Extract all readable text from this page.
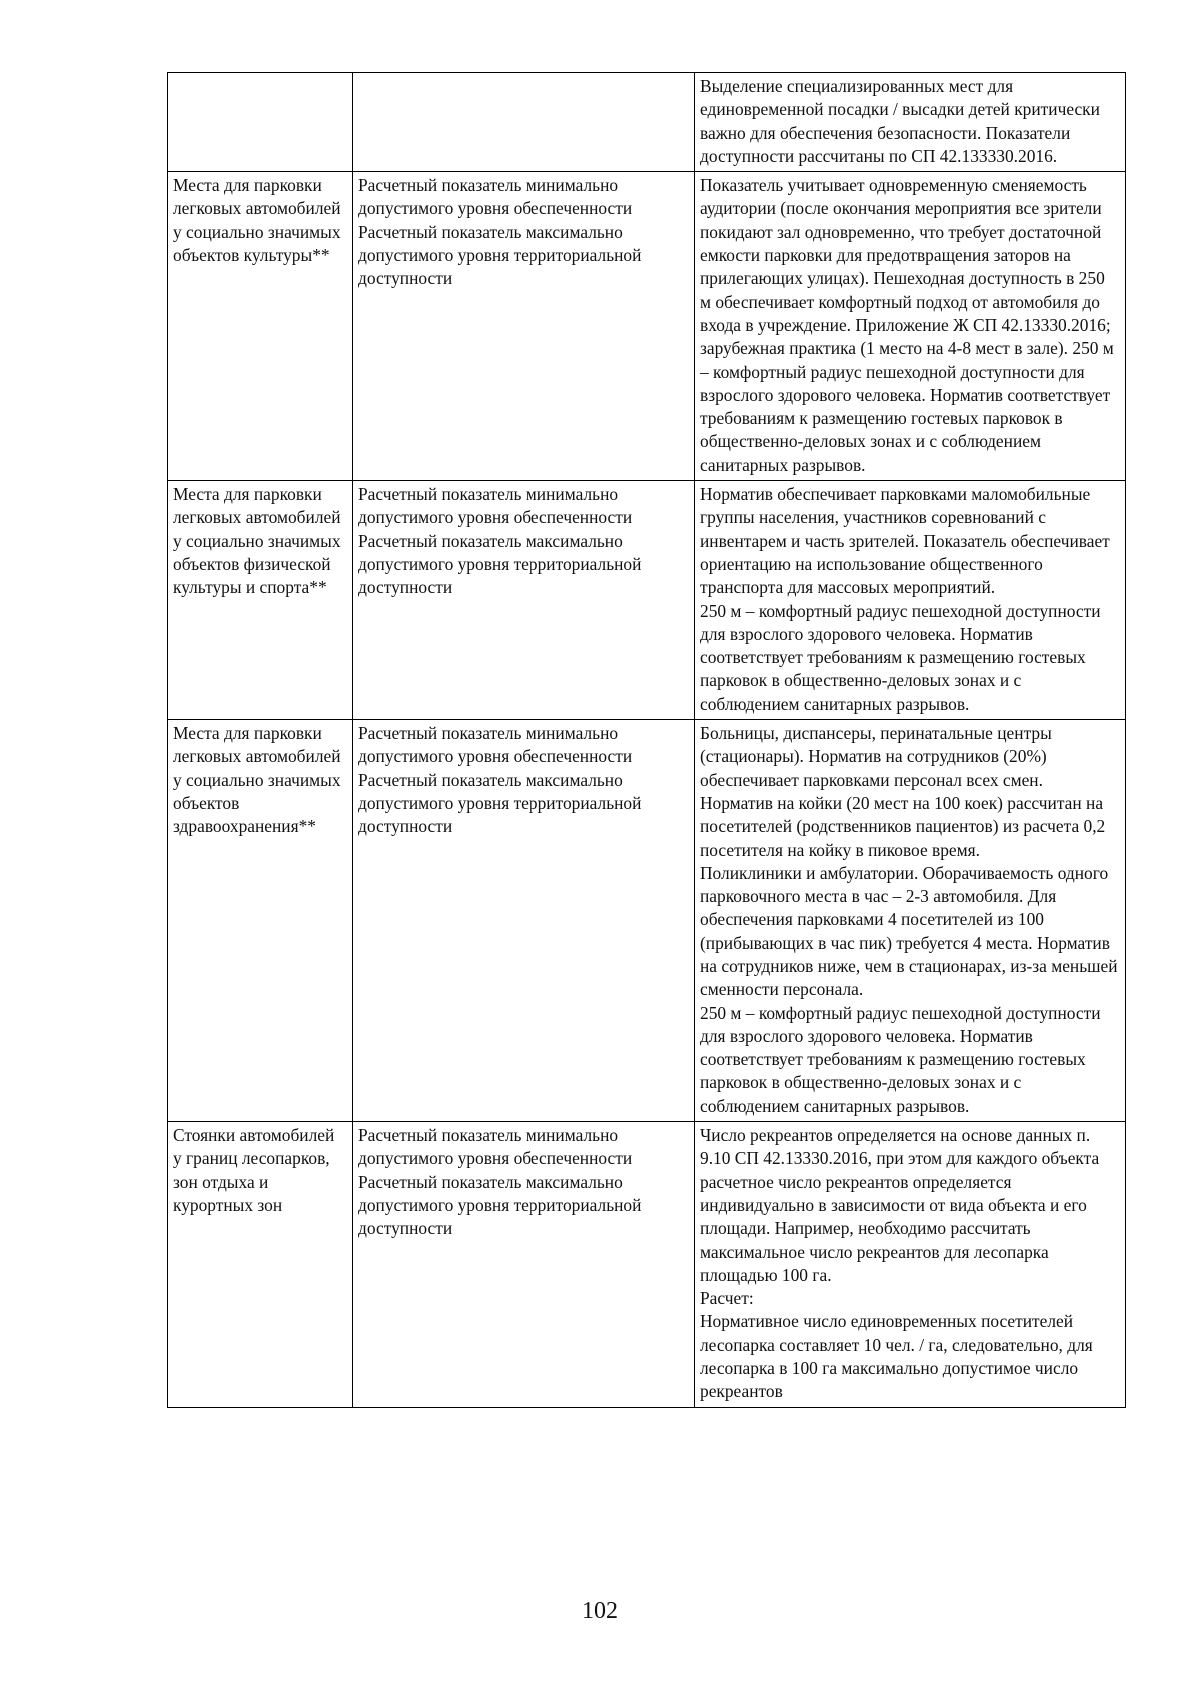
		Выделение специализированных мест для единовременной посадки / высадки детей критически важно для обеспечения безопасности. Показатели доступности рассчитаны по СП 42.133330.2016.

Места для парковки легковых автомобилей у социально значимых объектов культуры**	Расчетный показатель минимально допустимого уровня обеспеченности Расчетный показатель максимально допустимого уровня территориальной доступности	Показатель учитывает одновременную сменяемость аудитории (после окончания мероприятия все зрители покидают зал одновременно, что требует достаточной емкости парковки для предотвращения заторов на прилегающих улицах). Пешеходная доступность в 250 м обеспечивает комфортный подход от автомобиля до входа в учреждение. Приложение Ж СП 42.13330.2016; зарубежная практика (1 место на 4-8 мест в зале). 250 м – комфортный радиус пешеходной доступности для взрослого здорового человека. Норматив соответствует требованиям к размещению гостевых парковок в общественно-деловых зонах и с соблюдением санитарных разрывов.

Места для парковки легковых автомобилей у социально значимых объектов физической культуры и спорта**	Расчетный показатель минимально допустимого уровня обеспеченности Расчетный показатель максимально допустимого уровня территориальной доступности	Норматив обеспечивает парковками маломобильные группы населения, участников соревнований с инвентарем и часть зрителей. Показатель обеспечивает ориентацию на использование общественного транспорта для массовых мероприятий.
250 м – комфортный радиус пешеходной доступности для взрослого здорового человека. Норматив соответствует требованиям к размещению гостевых парковок в общественно-деловых зонах и с соблюдением санитарных разрывов.

Места для парковки легковых автомобилей у социально значимых объектов здравоохранения**	Расчетный показатель минимально допустимого уровня обеспеченности Расчетный показатель максимально допустимого уровня территориальной доступности	Больницы, диспансеры, перинатальные центры (стационары). Норматив на сотрудников (20%) обеспечивает парковками персонал всех смен. Норматив на койки (20 мест на 100 коек) рассчитан на посетителей (родственников пациентов) из расчета 0,2 посетителя на койку в пиковое время.
Поликлиники и амбулатории. Оборачиваемость одного парковочного места в час – 2-3 автомобиля. Для обеспечения парковками 4 посетителей из 100 (прибывающих в час пик) требуется 4 места. Норматив на сотрудников ниже, чем в стационарах, из-за меньшей сменности персонала.
250 м – комфортный радиус пешеходной доступности для взрослого здорового человека. Норматив соответствует требованиям к размещению гостевых парковок в общественно-деловых зонах и с соблюдением санитарных разрывов.

Стоянки автомобилей у границ лесопарков, зон отдыха и курортных зон	Расчетный показатель минимально допустимого уровня обеспеченности Расчетный показатель максимально допустимого уровня территориальной доступности	Число рекреантов определяется на основе данных п. 9.10 СП 42.13330.2016, при этом для каждого объекта расчетное число рекреантов определяется индивидуально в зависимости от вида объекта и его площади. Например, необходимо рассчитать максимальное число рекреантов для лесопарка площадью 100 га.
Расчет:
Нормативное число единовременных посетителей лесопарка составляет 10 чел. / га, следовательно, для лесопарка в 100 га максимально допустимое число рекреантов
102
